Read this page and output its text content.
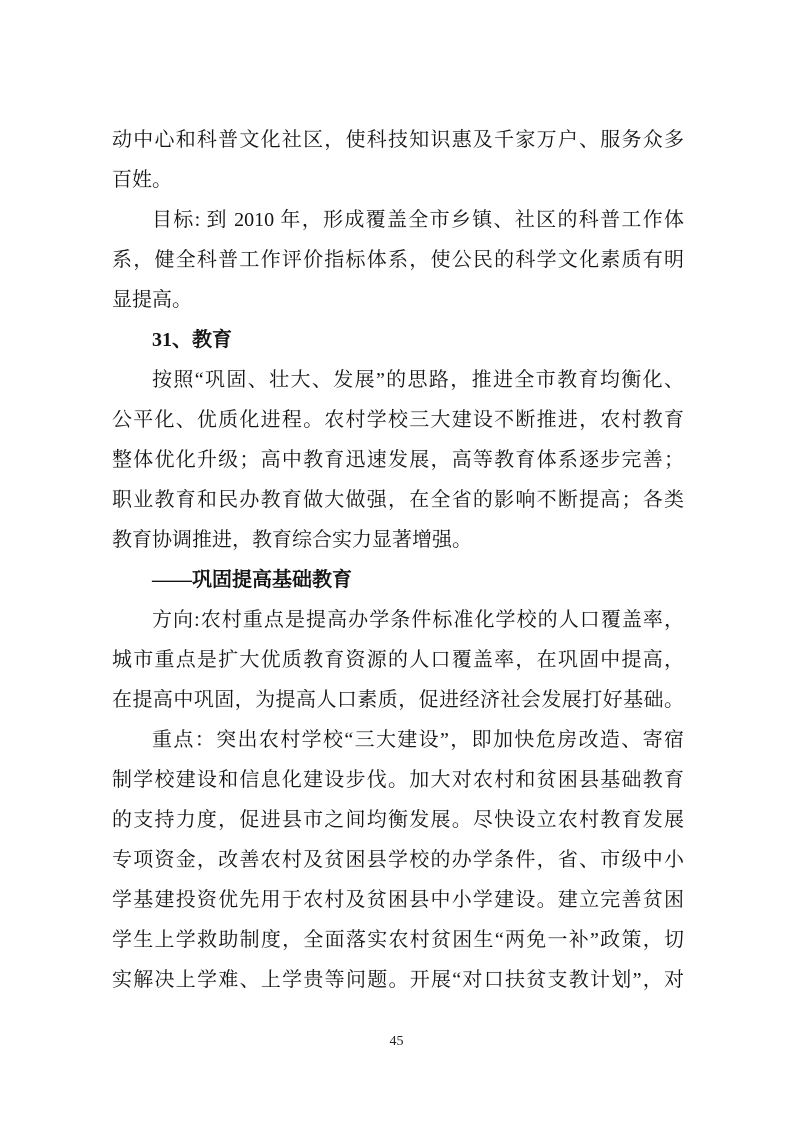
动中心和科普文化社区，使科技知识惠及千家万户、服务众多
百姓。
目标: 到 2010 年，形成覆盖全市乡镇、社区的科普工作体
系，健全科普工作评价指标体系，使公民的科学文化素质有明
显提高。
31、教育
按照“巩固、壮大、发展”的思路，推进全市教育均衡化、
公平化、优质化进程。农村学校三大建设不断推进，农村教育
整体优化升级；高中教育迅速发展，高等教育体系逐步完善；
职业教育和民办教育做大做强，在全省的影响不断提高；各类
教育协调推进，教育综合实力显著增强。
——巩固提高基础教育
方向:农村重点是提高办学条件标准化学校的人口覆盖率，
城市重点是扩大优质教育资源的人口覆盖率，在巩固中提高，
在提高中巩固，为提高人口素质，促进经济社会发展打好基础。
重点：突出农村学校“三大建设”，即加快危房改造、寄宿
制学校建设和信息化建设步伐。加大对农村和贫困县基础教育
的支持力度，促进县市之间均衡发展。尽快设立农村教育发展
专项资金，改善农村及贫困县学校的办学条件，省、市级中小
学基建投资优先用于农村及贫困县中小学建设。建立完善贫困
学生上学救助制度，全面落实农村贫困生“两免一补”政策，切
实解决上学难、上学贵等问题。开展“对口扶贫支教计划”，对
45
